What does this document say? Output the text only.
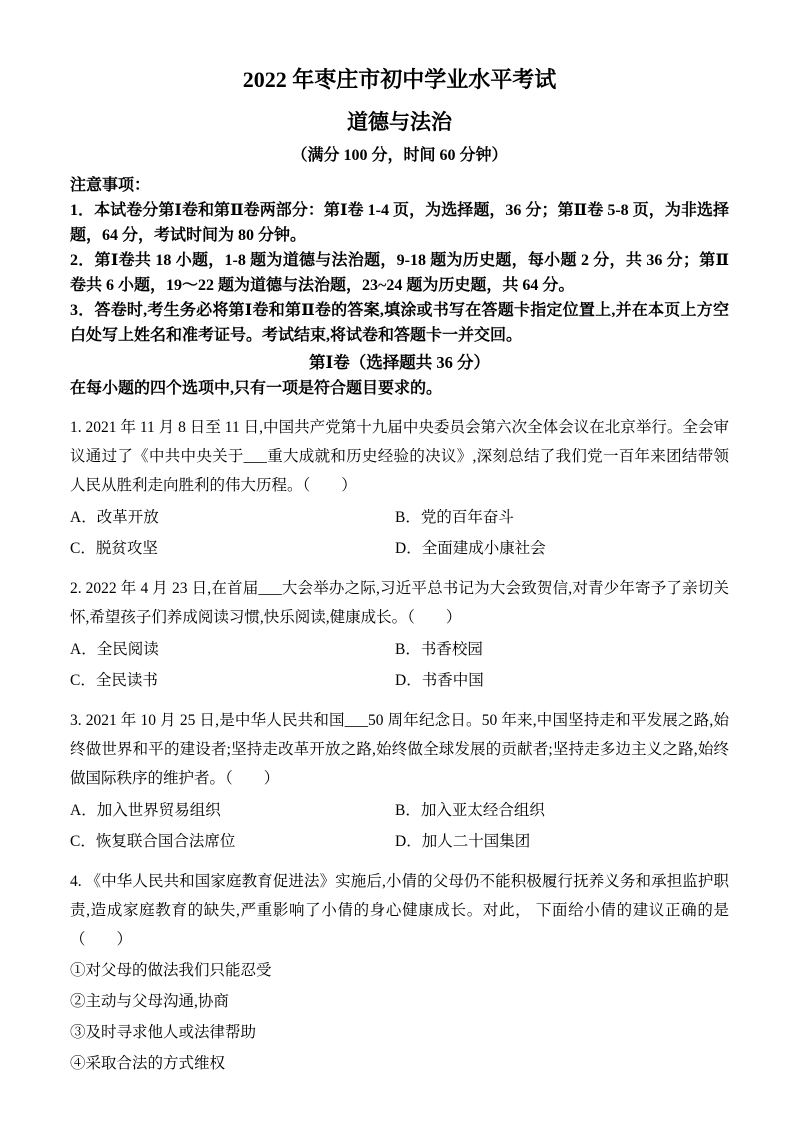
2022 年枣庄市初中学业水平考试
道德与法治

（满分 100 分，时间 60 分钟）

注意事项：

1．本试卷分第Ⅰ卷和第Ⅱ卷两部分：第Ⅰ卷 1-4 页，为选择题，36 分；第Ⅱ卷 5-8 页，为非选择题，64 分，考试时间为 80 分钟。

2．第Ⅰ卷共 18 小题，1-8 题为道德与法治题，9-18 题为历史题，每小题 2 分，共 36 分；第Ⅱ卷共 6 小题，19～22 题为道德与法治题，23~24 题为历史题，共 64 分。

3．答卷时,考生务必将第Ⅰ卷和第Ⅱ卷的答案,填涂或书写在答题卡指定位置上,并在本页上方空白处写上姓名和准考证号。考试结束,将试卷和答题卡一并交回。

第Ⅰ卷（选择题共 36 分）

在每小题的四个选项中,只有一项是符合题目要求的。

1. 2021 年 11 月 8 日至 11 日,中国共产党第十九届中央委员会第六次全体会议在北京举行。全会审议通过了《中共中央关于___重大成就和历史经验的决议》,深刻总结了我们党一百年来团结带领人民从胜利走向胜利的伟大历程。（　　）

A．改革开放	B．党的百年奋斗
C．脱贫攻坚	D．全面建成小康社会

2. 2022 年 4 月 23 日,在首届___大会举办之际,习近平总书记为大会致贺信,对青少年寄予了亲切关怀,希望孩子们养成阅读习惯,快乐阅读,健康成长。（　　）

A．全民阅读	B．书香校园
C．全民读书	D．书香中国

3. 2021 年 10 月 25 日,是中华人民共和国___50 周年纪念日。50 年来,中国坚持走和平发展之路,始终做世界和平的建设者;坚持走改革开放之路,始终做全球发展的贡献者;坚持走多边主义之路,始终做国际秩序的维护者。（　　）

A．加入世界贸易组织	B．加入亚太经合组织
C．恢复联合国合法席位	D．加人二十国集团

4. 《中华人民共和国家庭教育促进法》实施后,小倩的父母仍不能积极履行抚养义务和承担监护职责,造成家庭教育的缺失,严重影响了小倩的身心健康成长。对此， 下面给小倩的建议正确的是（　　）

①对父母的做法我们只能忍受

②主动与父母沟通,协商

③及时寻求他人或法律帮助

④采取合法的方式维权
